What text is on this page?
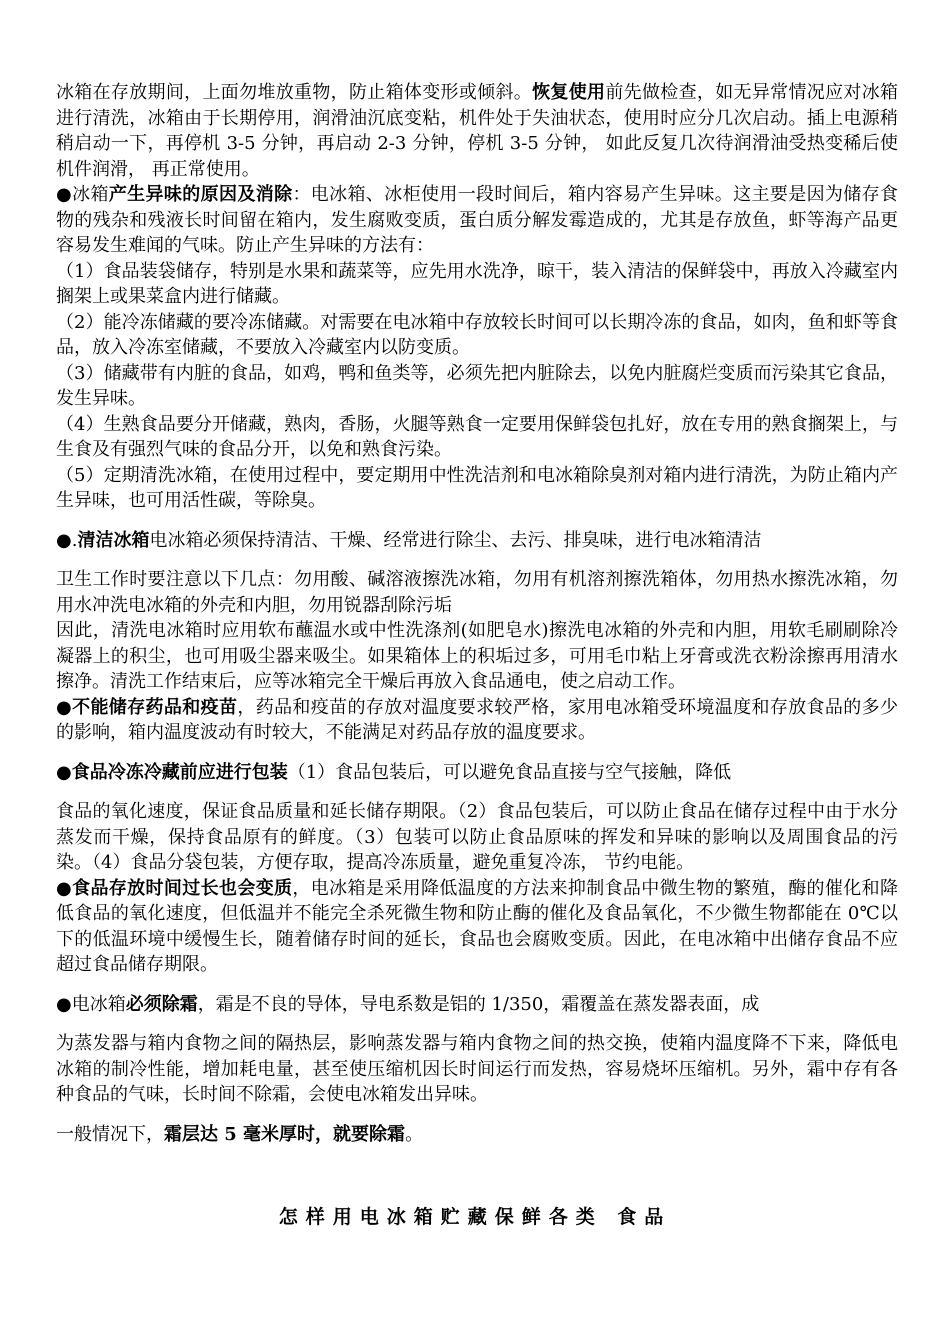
冰箱在存放期间，上面勿堆放重物，防止箱体变形或倾斜。恢复使用前先做检查，如无异常情况应对冰箱进行清洗，冰箱由于长期停用，润滑油沉底变粘，机件处于失油状态，使用时应分几次启动。插上电源稍稍启动一下，再停机 3-5 分钟，再启动 2-3 分钟，停机 3-5 分钟， 如此反复几次待润滑油受热变稀后使机件润滑， 再正常使用。

●冰箱产生异味的原因及消除：电冰箱、冰柜使用一段时间后，箱内容易产生异味。这主要是因为储存食物的残杂和残液长时间留在箱内，发生腐败变质，蛋白质分解发霉造成的，尤其是存放鱼，虾等海产品更容易发生难闻的气味。防止产生异味的方法有：

（1）食品装袋储存，特别是水果和蔬菜等，应先用水洗净，晾干，装入清洁的保鲜袋中，再放入冷藏室内搁架上或果菜盒内进行储藏。

（2）能冷冻储藏的要冷冻储藏。对需要在电冰箱中存放较长时间可以长期冷冻的食品，如肉，鱼和虾等食品，放入冷冻室储藏，不要放入冷藏室内以防变质。

（3）储藏带有内脏的食品，如鸡，鸭和鱼类等，必须先把内脏除去，以免内脏腐烂变质而污染其它食品，发生异味。

（4）生熟食品要分开储藏，熟肉，香肠，火腿等熟食一定要用保鲜袋包扎好，放在专用的熟食搁架上，与生食及有强烈气味的食品分开，以免和熟食污染。

（5）定期清洗冰箱，在使用过程中，要定期用中性洗洁剂和电冰箱除臭剂对箱内进行清洗，为防止箱内产生异味，也可用活性碳，等除臭。

●.清洁冰箱电冰箱必须保持清洁、干燥、经常进行除尘、去污、排臭味，进行电冰箱清洁

卫生工作时要注意以下几点：勿用酸、碱溶液擦洗冰箱，勿用有机溶剂擦洗箱体，勿用热水擦洗冰箱，勿用水冲洗电冰箱的外壳和内胆，勿用锐器刮除污垢

因此，清洗电冰箱时应用软布蘸温水或中性洗涤剂(如肥皂水)擦洗电冰箱的外壳和内胆，用软毛刷刷除冷凝器上的积尘，也可用吸尘器来吸尘。如果箱体上的积垢过多，可用毛巾粘上牙膏或洗衣粉涂擦再用清水擦净。清洗工作结束后，应等冰箱完全干燥后再放入食品通电，使之启动工作。

●不能储存药品和疫苗，药品和疫苗的存放对温度要求较严格，家用电冰箱受环境温度和存放食品的多少的影响，箱内温度波动有时较大，不能满足对药品存放的温度要求。

●食品冷冻冷藏前应进行包装（1）食品包装后，可以避免食品直接与空气接触，降低

食品的氧化速度，保证食品质量和延长储存期限。（2）食品包装后，可以防止食品在储存过程中由于水分蒸发而干燥，保持食品原有的鲜度。（3）包装可以防止食品原味的挥发和异味的影响以及周围食品的污染。（4）食品分袋包装，方便存取，提高冷冻质量，避免重复冷冻， 节约电能。

●食品存放时间过长也会变质，电冰箱是采用降低温度的方法来抑制食品中微生物的繁殖，酶的催化和降低食品的氧化速度，但低温并不能完全杀死微生物和防止酶的催化及食品氧化，不少微生物都能在 0℃以下的低温环境中缓慢生长，随着储存时间的延长，食品也会腐败变质。因此，在电冰箱中出储存食品不应超过食品储存期限。

●电冰箱必须除霜，霜是不良的导体，导电系数是铝的 1/350，霜覆盖在蒸发器表面，成

为蒸发器与箱内食物之间的隔热层，影响蒸发器与箱内食物之间的热交换，使箱内温度降不下来，降低电冰箱的制冷性能，增加耗电量，甚至使压缩机因长时间运行而发热，容易烧坏压缩机。另外，霜中存有各种食品的气味，长时间不除霜，会使电冰箱发出异味。

一般情况下，霜层达 5 毫米厚时，就要除霜。

怎样用电冰箱贮藏保鲜各类 食品
